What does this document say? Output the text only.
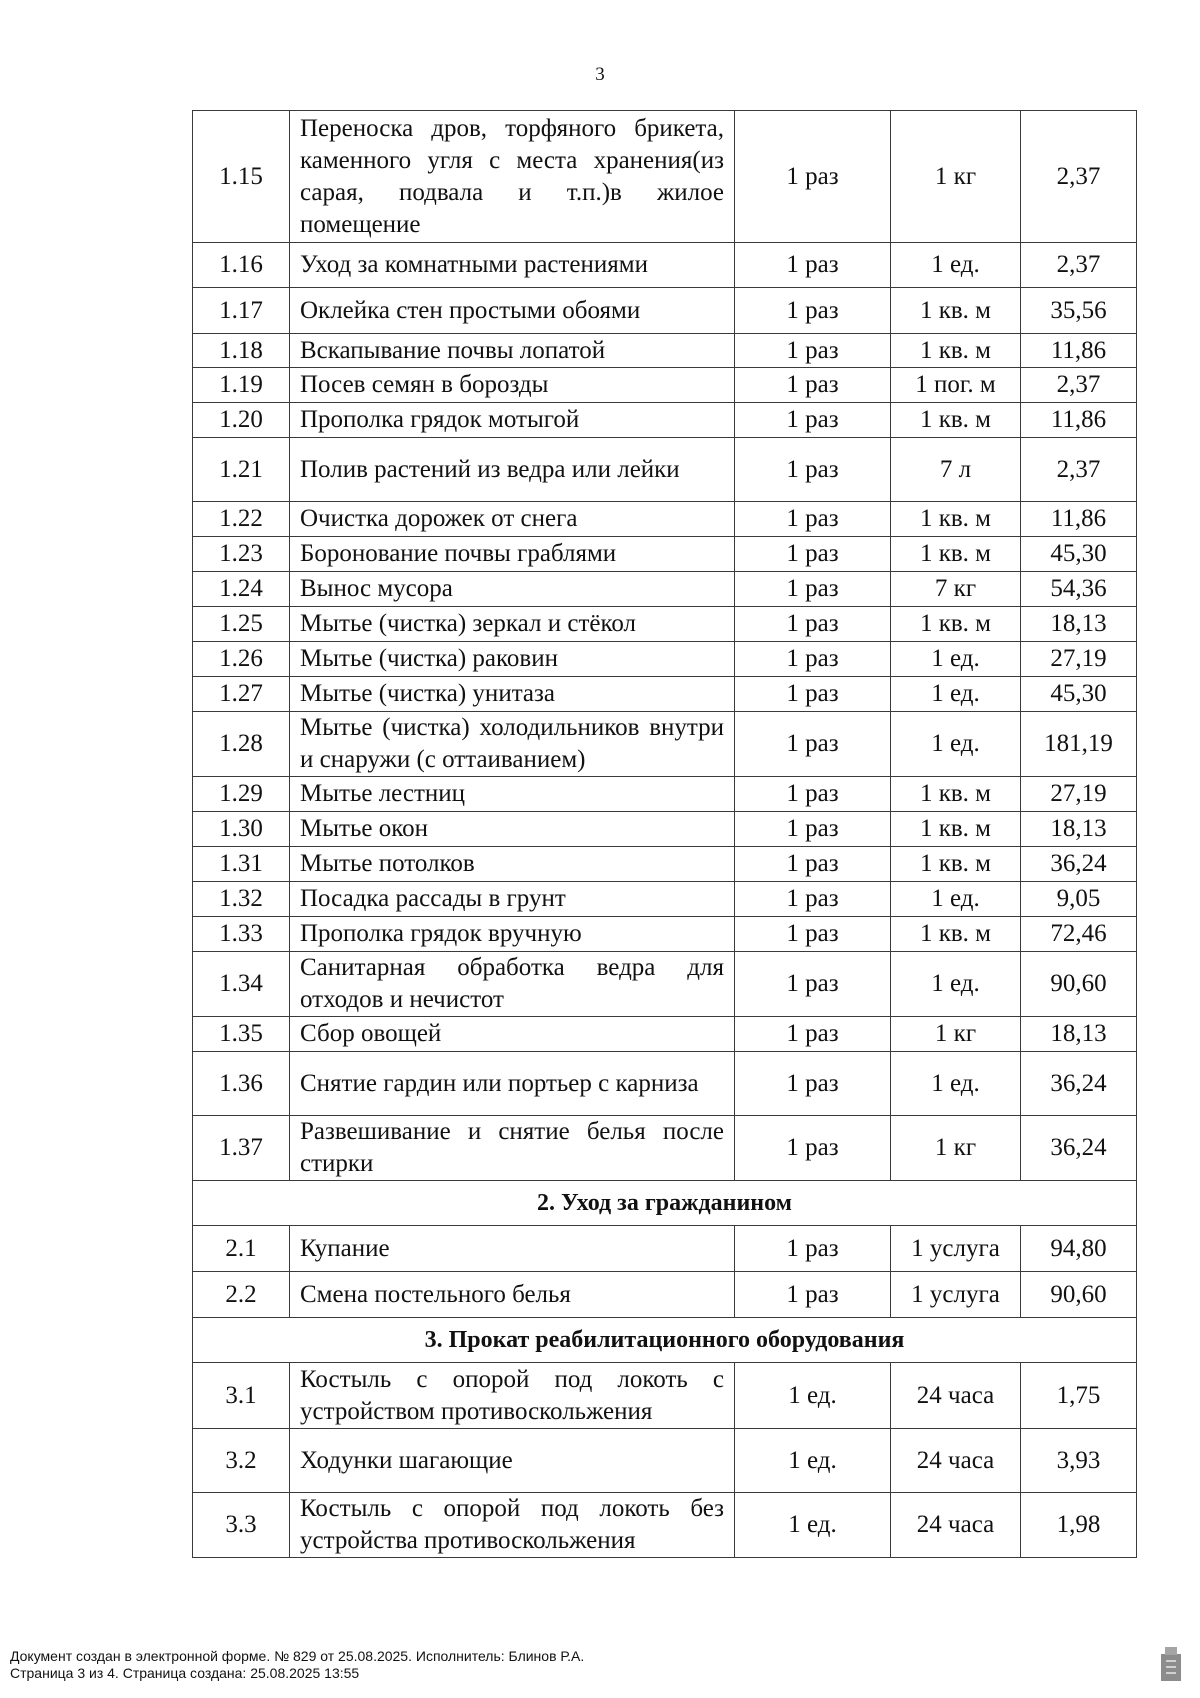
3
1.15	Переноска дров, торфяного брикета, каменного угля с места хранения(из сарая, подвала и т.п.)в жилое помещение	1 раз	1 кг	2,37
1.16	Уход за комнатными растениями	1 раз	1 ед.	2,37
1.17	Оклейка стен простыми обоями	1 раз	1 кв. м	35,56
1.18	Вскапывание почвы лопатой	1 раз	1 кв. м	11,86
1.19	Посев семян в борозды	1 раз	1 пог. м	2,37
1.20	Прополка грядок мотыгой	1 раз	1 кв. м	11,86
1.21	Полив растений из ведра или лейки	1 раз	7 л	2,37
1.22	Очистка дорожек от снега	1 раз	1 кв. м	11,86
1.23	Боронование почвы граблями	1 раз	1 кв. м	45,30
1.24	Вынос мусора	1 раз	7 кг	54,36
1.25	Мытье (чистка) зеркал и стёкол	1 раз	1 кв. м	18,13
1.26	Мытье (чистка) раковин	1 раз	1 ед.	27,19
1.27	Мытье (чистка) унитаза	1 раз	1 ед.	45,30
1.28	Мытье (чистка) холодильников внутри и снаружи (с оттаиванием)	1 раз	1 ед.	181,19
1.29	Мытье лестниц	1 раз	1 кв. м	27,19
1.30	Мытье окон	1 раз	1 кв. м	18,13
1.31	Мытье потолков	1 раз	1 кв. м	36,24
1.32	Посадка рассады в грунт	1 раз	1 ед.	9,05
1.33	Прополка грядок вручную	1 раз	1 кв. м	72,46
1.34	Санитарная обработка ведра для отходов и нечистот	1 раз	1 ед.	90,60
1.35	Сбор овощей	1 раз	1 кг	18,13
1.36	Снятие гардин или портьер с карниза	1 раз	1 ед.	36,24
1.37	Развешивание и снятие белья после стирки	1 раз	1 кг	36,24
2. Уход за гражданином				
2.1	Купание	1 раз	1 услуга	94,80
2.2	Смена постельного белья	1 раз	1 услуга	90,60
3. Прокат реабилитационного оборудования				
3.1	Костыль с опорой под локоть с устройством противоскольжения	1 ед.	24 часа	1,75
3.2	Ходунки шагающие	1 ед.	24 часа	3,93
3.3	Костыль с опорой под локоть без устройства противоскольжения	1 ед.	24 часа	1,98
Документ создан в электронной форме. № 829 от 25.08.2025. Исполнитель: Блинов Р.А.
Страница 3 из 4. Страница создана: 25.08.2025 13:55
